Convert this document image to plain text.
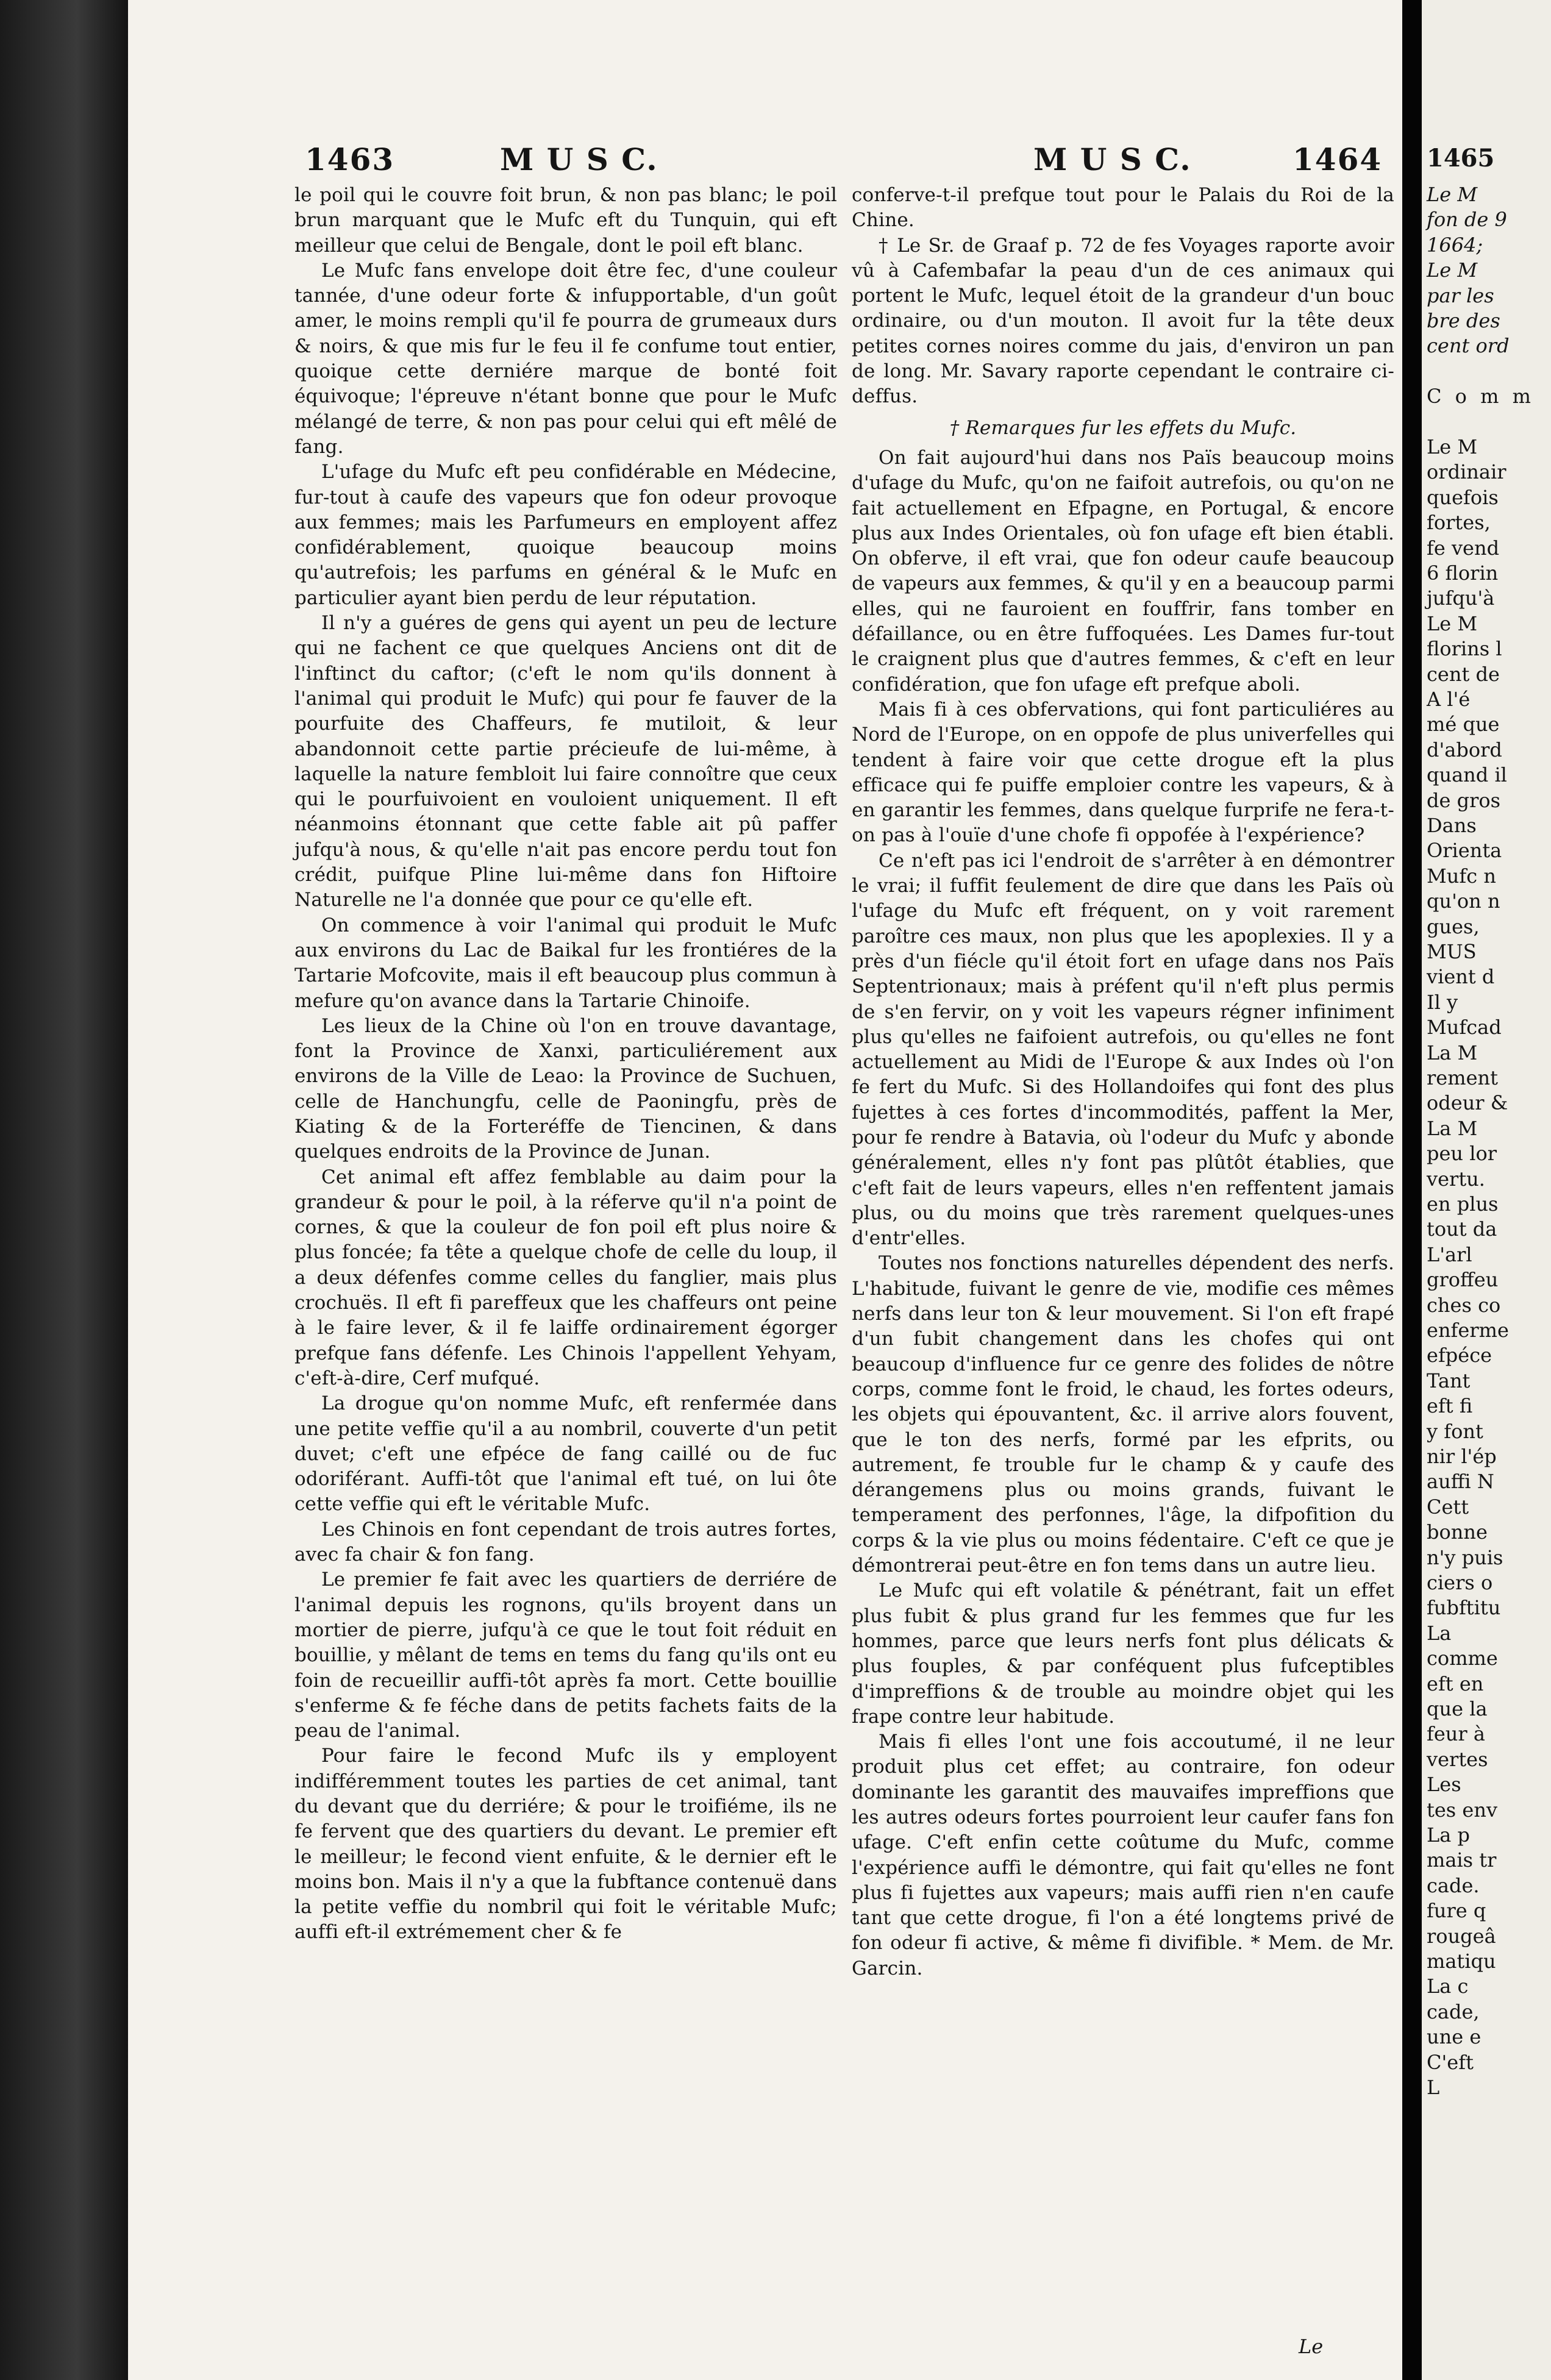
1463	M U S C.	M U S C.	1464

le poil qui le couvre foit brun, & non pas blanc; le poil brun marquant que le Mufc eft du Tunquin, qui eft meilleur que celui de Bengale, dont le poil eft blanc.

Le Mufc fans envelope doit être fec, d'une couleur tannée, d'une odeur forte & infupportable, d'un goût amer, le moins rempli qu'il fe pourra de grumeaux durs & noirs, & que mis fur le feu il fe confume tout entier, quoique cette derniére marque de bonté foit équivoque; l'épreuve n'étant bonne que pour le Mufc mélangé de terre, & non pas pour celui qui eft mêlé de fang.

L'ufage du Mufc eft peu confidérable en Médecine, fur-tout à caufe des vapeurs que fon odeur provoque aux femmes; mais les Parfumeurs en employent affez confidérablement, quoique beaucoup moins qu'autrefois; les parfums en général & le Mufc en particulier ayant bien perdu de leur réputation.

Il n'y a guéres de gens qui ayent un peu de lecture qui ne fachent ce que quelques Anciens ont dit de l'inftinct du caftor; (c'eft le nom qu'ils donnent à l'animal qui produit le Mufc) qui pour fe fauver de la pourfuite des Chaffeurs, fe mutiloit, & leur abandonnoit cette partie précieufe de lui-même, à laquelle la nature fembloit lui faire connoître que ceux qui le pourfuivoient en vouloient uniquement. Il eft néanmoins étonnant que cette fable ait pû paffer jufqu'à nous, & qu'elle n'ait pas encore perdu tout fon crédit, puifque Pline lui-même dans fon Hiftoire Naturelle ne l'a donnée que pour ce qu'elle eft.

On commence à voir l'animal qui produit le Mufc aux environs du Lac de Baikal fur les frontiéres de la Tartarie Mofcovite, mais il eft beaucoup plus commun à mefure qu'on avance dans la Tartarie Chinoife.

Les lieux de la Chine où l'on en trouve davantage, font la Province de Xanxi, particuliérement aux environs de la Ville de Leao: la Province de Suchuen, celle de Hanchungfu, celle de Paoningfu, près de Kiating & de la Forteréffe de Tiencinen, & dans quelques endroits de la Province de Junan.

Cet animal eft affez femblable au daim pour la grandeur & pour le poil, à la réferve qu'il n'a point de cornes, & que la couleur de fon poil eft plus noire & plus foncée; fa tête a quelque chofe de celle du loup, il a deux défenfes comme celles du fanglier, mais plus crochuës. Il eft fi pareffeux que les chaffeurs ont peine à le faire lever, & il fe laiffe ordinairement égorger prefque fans défenfe. Les Chinois l'appellent Yehyam, c'eft-à-dire, Cerf mufqué.

La drogue qu'on nomme Mufc, eft renfermée dans une petite veffie qu'il a au nombril, couverte d'un petit duvet; c'eft une efpéce de fang caillé ou de fuc odoriférant. Auffi-tôt que l'animal eft tué, on lui ôte cette veffie qui eft le véritable Mufc.

Les Chinois en font cependant de trois autres fortes, avec fa chair & fon fang.

Le premier fe fait avec les quartiers de derriére de l'animal depuis les rognons, qu'ils broyent dans un mortier de pierre, jufqu'à ce que le tout foit réduit en bouillie, y mêlant de tems en tems du fang qu'ils ont eu foin de recueillir auffi-tôt après fa mort. Cette bouillie s'enferme & fe féche dans de petits fachets faits de la peau de l'animal.

Pour faire le fecond Mufc ils y employent indifféremment toutes les parties de cet animal, tant du devant que du derriére; & pour le troifiéme, ils ne fe fervent que des quartiers du devant. Le premier eft le meilleur; le fecond vient enfuite, & le dernier eft le moins bon. Mais il n'y a que la fubftance contenuë dans la petite veffie du nombril qui foit le véritable Mufc; auffi eft-il extrémement cher & fe

conferve-t-il prefque tout pour le Palais du Roi de la Chine.

† Le Sr. de Graaf p. 72 de fes Voyages raporte avoir vû à Cafembafar la peau d'un de ces animaux qui portent le Mufc, lequel étoit de la grandeur d'un bouc ordinaire, ou d'un mouton. Il avoit fur la tête deux petites cornes noires comme du jais, d'environ un pan de long. Mr. Savary raporte cependant le contraire ci-deffus.

† Remarques fur les effets du Mufc.

On fait aujourd'hui dans nos Païs beaucoup moins d'ufage du Mufc, qu'on ne faifoit autrefois, ou qu'on ne fait actuellement en Efpagne, en Portugal, & encore plus aux Indes Orientales, où fon ufage eft bien établi. On obferve, il eft vrai, que fon odeur caufe beaucoup de vapeurs aux femmes, & qu'il y en a beaucoup parmi elles, qui ne fauroient en fouffrir, fans tomber en défaillance, ou en être fuffoquées. Les Dames fur-tout le craignent plus que d'autres femmes, & c'eft en leur confidération, que fon ufage eft prefque aboli.

Mais fi à ces obfervations, qui font particuliéres au Nord de l'Europe, on en oppofe de plus univerfelles qui tendent à faire voir que cette drogue eft la plus efficace qui fe puiffe emploier contre les vapeurs, & à en garantir les femmes, dans quelque furprife ne fera-t-on pas à l'ouïe d'une chofe fi oppofée à l'expérience?

Ce n'eft pas ici l'endroit de s'arrêter à en démontrer le vrai; il fuffit feulement de dire que dans les Païs où l'ufage du Mufc eft fréquent, on y voit rarement paroître ces maux, non plus que les apoplexies. Il y a près d'un fiécle qu'il étoit fort en ufage dans nos Païs Septentrionaux; mais à préfent qu'il n'eft plus permis de s'en fervir, on y voit les vapeurs régner infiniment plus qu'elles ne faifoient autrefois, ou qu'elles ne font actuellement au Midi de l'Europe & aux Indes où l'on fe fert du Mufc. Si des Hollandoifes qui font des plus fujettes à ces fortes d'incommodités, paffent la Mer, pour fe rendre à Batavia, où l'odeur du Mufc y abonde généralement, elles n'y font pas plûtôt établies, que c'eft fait de leurs vapeurs, elles n'en reffentent jamais plus, ou du moins que très rarement quelques-unes d'entr'elles.

Toutes nos fonctions naturelles dépendent des nerfs. L'habitude, fuivant le genre de vie, modifie ces mêmes nerfs dans leur ton & leur mouvement. Si l'on eft frapé d'un fubit changement dans les chofes qui ont beaucoup d'influence fur ce genre des folides de nôtre corps, comme font le froid, le chaud, les fortes odeurs, les objets qui épouvantent, &c. il arrive alors fouvent, que le ton des nerfs, formé par les efprits, ou autrement, fe trouble fur le champ & y caufe des dérangemens plus ou moins grands, fuivant le temperament des perfonnes, l'âge, la difpofition du corps & la vie plus ou moins fédentaire. C'eft ce que je démontrerai peut-être en fon tems dans un autre lieu.

Le Mufc qui eft volatile & pénétrant, fait un effet plus fubit & plus grand fur les femmes que fur les hommes, parce que leurs nerfs font plus délicats & plus fouples, & par conféquent plus fufceptibles d'impreffions & de trouble au moindre objet qui les frape contre leur habitude.

Mais fi elles l'ont une fois accoutumé, il ne leur produit plus cet effet; au contraire, fon odeur dominante les garantit des mauvaifes impreffions que les autres odeurs fortes pourroient leur caufer fans fon ufage. C'eft enfin cette coûtume du Mufc, comme l'expérience auffi le démontre, qui fait qu'elles ne font plus fi fujettes aux vapeurs; mais auffi rien n'en caufe tant que cette drogue, fi l'on a été longtems privé de fon odeur fi active, & même fi divifible. * Mem. de Mr. Garcin.

Le
1465
Le M
fon de 9
1664;
Le M
par les
bre des
cent ord
C o m m
Le M
ordinair
quefois
fortes,
fe vend
6 florin
jufqu'à
Le M
florins l
cent de
A l'é
mé que
d'abord
quand il
de gros
Dans
Orienta
Mufc n
qu'on n
gues,
MUS
vient d
Il y
Mufcad
La M
rement
odeur &
La M
peu lor
vertu.
en plus
tout da
L'arl
groffeu
ches co
enferme
efpéce
Tant
eft fi
y font
nir l'ép
auffi N
Cett
bonne
n'y puis
ciers o
fubftitu
La
comme
eft en
que la
feur à
vertes
Les
tes env
La p
mais tr
cade.
fure q
rougeâ
matiqu
La c
cade,
une e
C'eft
L
